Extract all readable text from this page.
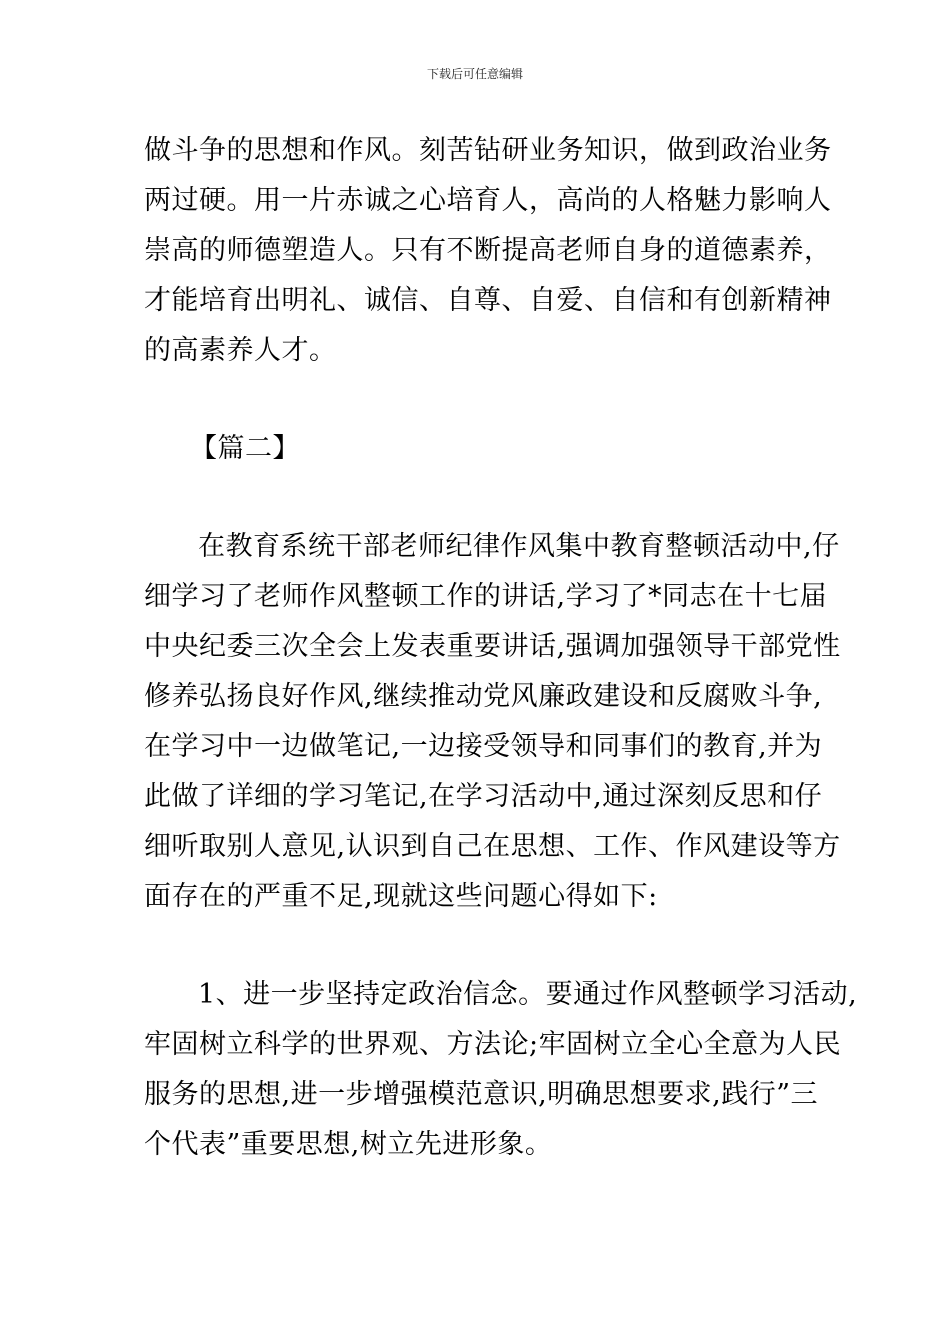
下载后可任意编辑
做斗争的思想和作风。刻苦钻研业务知识，做到政治业务
两过硬。用一片赤诚之心培育人，高尚的人格魅力影响人
崇高的师德塑造人。只有不断提高老师自身的道德素养，
才能培育出明礼、诚信、自尊、自爱、自信和有创新精神
的高素养人才。
【篇二】
在教育系统干部老师纪律作风集中教育整顿活动中,仔
细学习了老师作风整顿工作的讲话,学习了*同志在十七届
中央纪委三次全会上发表重要讲话,强调加强领导干部党性
修养弘扬良好作风,继续推动党风廉政建设和反腐败斗争,
在学习中一边做笔记,一边接受领导和同事们的教育,并为
此做了详细的学习笔记,在学习活动中,通过深刻反思和仔
细听取别人意见,认识到自己在思想、工作、作风建设等方
面存在的严重不足,现就这些问题心得如下:
1、进一步坚持定政治信念。要通过作风整顿学习活动,
牢固树立科学的世界观、方法论;牢固树立全心全意为人民
服务的思想,进一步增强模范意识,明确思想要求,践行”三
个代表”重要思想,树立先进形象。
